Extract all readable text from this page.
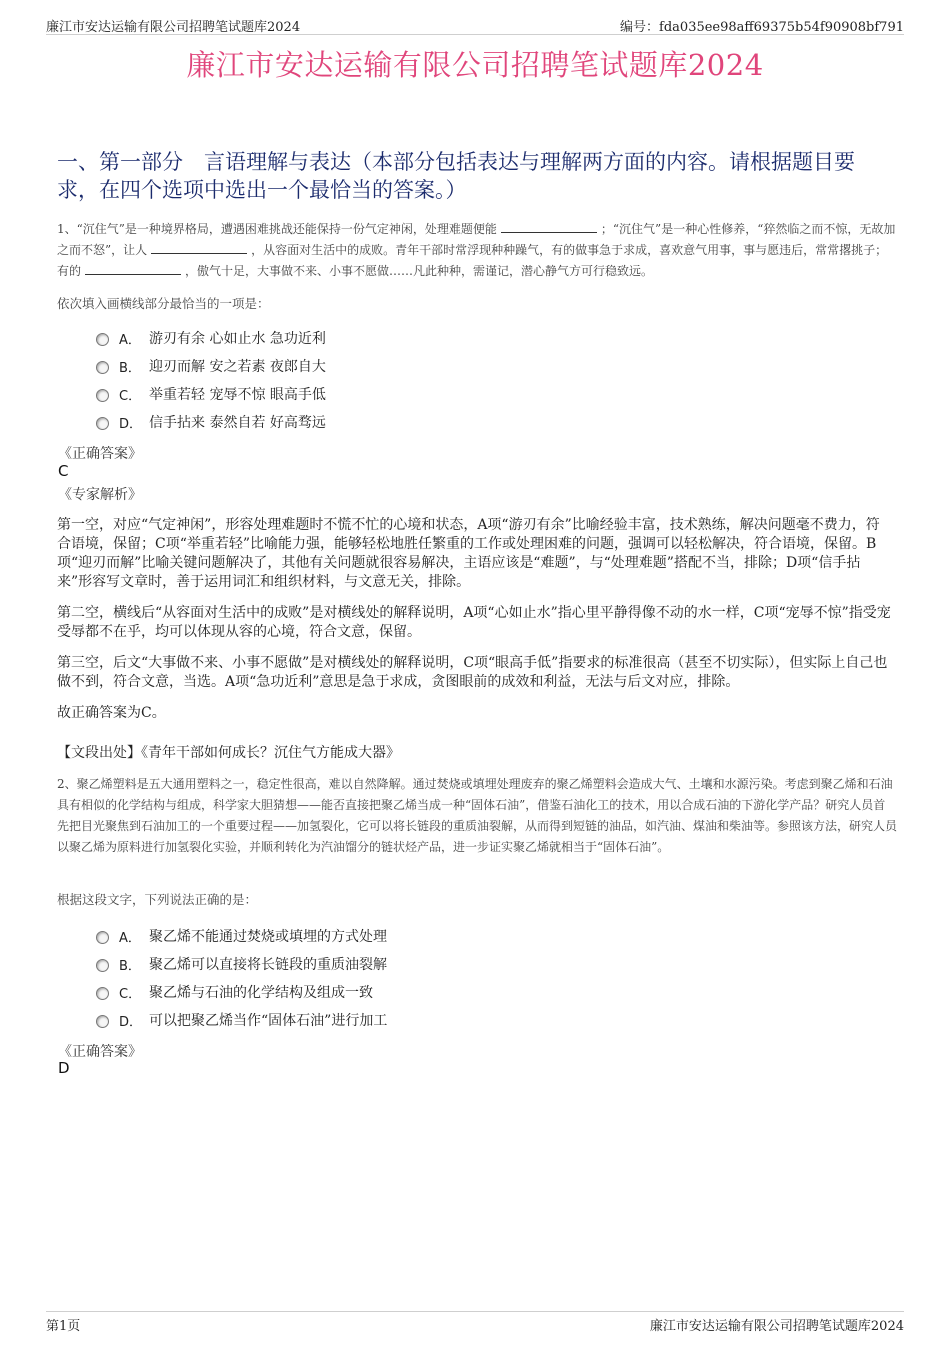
廉江市安达运输有限公司招聘笔试题库2024	编号：fda035ee98aff69375b54f90908bf791
廉江市安达运输有限公司招聘笔试题库2024
一、第一部分　言语理解与表达（本部分包括表达与理解两方面的内容。请根据题目要求，在四个选项中选出一个最恰当的答案。）
1、“沉住气”是一种境界格局，遭遇困难挑战还能保持一份气定神闲，处理难题便能	；“沉住气”是一种心性修养，“猝然临之而不惊，无故加之而不怒”，让人	，从容面对生活中的成败。青年干部时常浮现种种躁气，有的做事急于求成，喜欢意气用事，事与愿违后，常常撂挑子；有的	，傲气十足，大事做不来、小事不愿做……凡此种种，需谨记，潜心静气方可行稳致远。
依次填入画横线部分最恰当的一项是：
A． 游刃有余 心如止水 急功近利
B． 迎刃而解 安之若素 夜郎自大
C． 举重若轻 宠辱不惊 眼高手低
D． 信手拈来 泰然自若 好高骛远
《正确答案》
C
《专家解析》

第一空，对应“气定神闲”，形容处理难题时不慌不忙的心境和状态，A项“游刃有余”比喻经验丰富，技术熟练，解决问题毫不费力，符合语境，保留；C项“举重若轻”比喻能力强，能够轻松地胜任繁重的工作或处理困难的问题，强调可以轻松解决，符合语境，保留。B项“迎刃而解”比喻关键问题解决了，其他有关问题就很容易解决，主语应该是“难题”，与“处理难题”搭配不当，排除；D项“信手拈来”形容写文章时，善于运用词汇和组织材料，与文意无关，排除。

第二空，横线后“从容面对生活中的成败”是对横线处的解释说明，A项“心如止水”指心里平静得像不动的水一样，C项“宠辱不惊”指受宠受辱都不在乎，均可以体现从容的心境，符合文意，保留。

第三空，后文“大事做不来、小事不愿做”是对横线处的解释说明，C项“眼高手低”指要求的标准很高（甚至不切实际），但实际上自己也做不到，符合文意，当选。A项“急功近利”意思是急于求成，贪图眼前的成效和利益，无法与后文对应，排除。

故正确答案为C。

【文段出处】《青年干部如何成长？沉住气方能成大器》
2、聚乙烯塑料是五大通用塑料之一，稳定性很高，难以自然降解。通过焚烧或填埋处理废弃的聚乙烯塑料会造成大气、土壤和水源污染。考虑到聚乙烯和石油具有相似的化学结构与组成，科学家大胆猜想——能否直接把聚乙烯当成一种“固体石油”，借鉴石油化工的技术，用以合成石油的下游化学产品？研究人员首先把目光聚焦到石油加工的一个重要过程——加氢裂化，它可以将长链段的重质油裂解，从而得到短链的油品，如汽油、煤油和柴油等。参照该方法，研究人员以聚乙烯为原料进行加氢裂化实验，并顺利转化为汽油馏分的链状烃产品，进一步证实聚乙烯就相当于“固体石油”。
根据这段文字，下列说法正确的是：
A． 聚乙烯不能通过焚烧或填埋的方式处理
B． 聚乙烯可以直接将长链段的重质油裂解
C． 聚乙烯与石油的化学结构及组成一致
D． 可以把聚乙烯当作“固体石油”进行加工
《正确答案》
D
第1页	廉江市安达运输有限公司招聘笔试题库2024
